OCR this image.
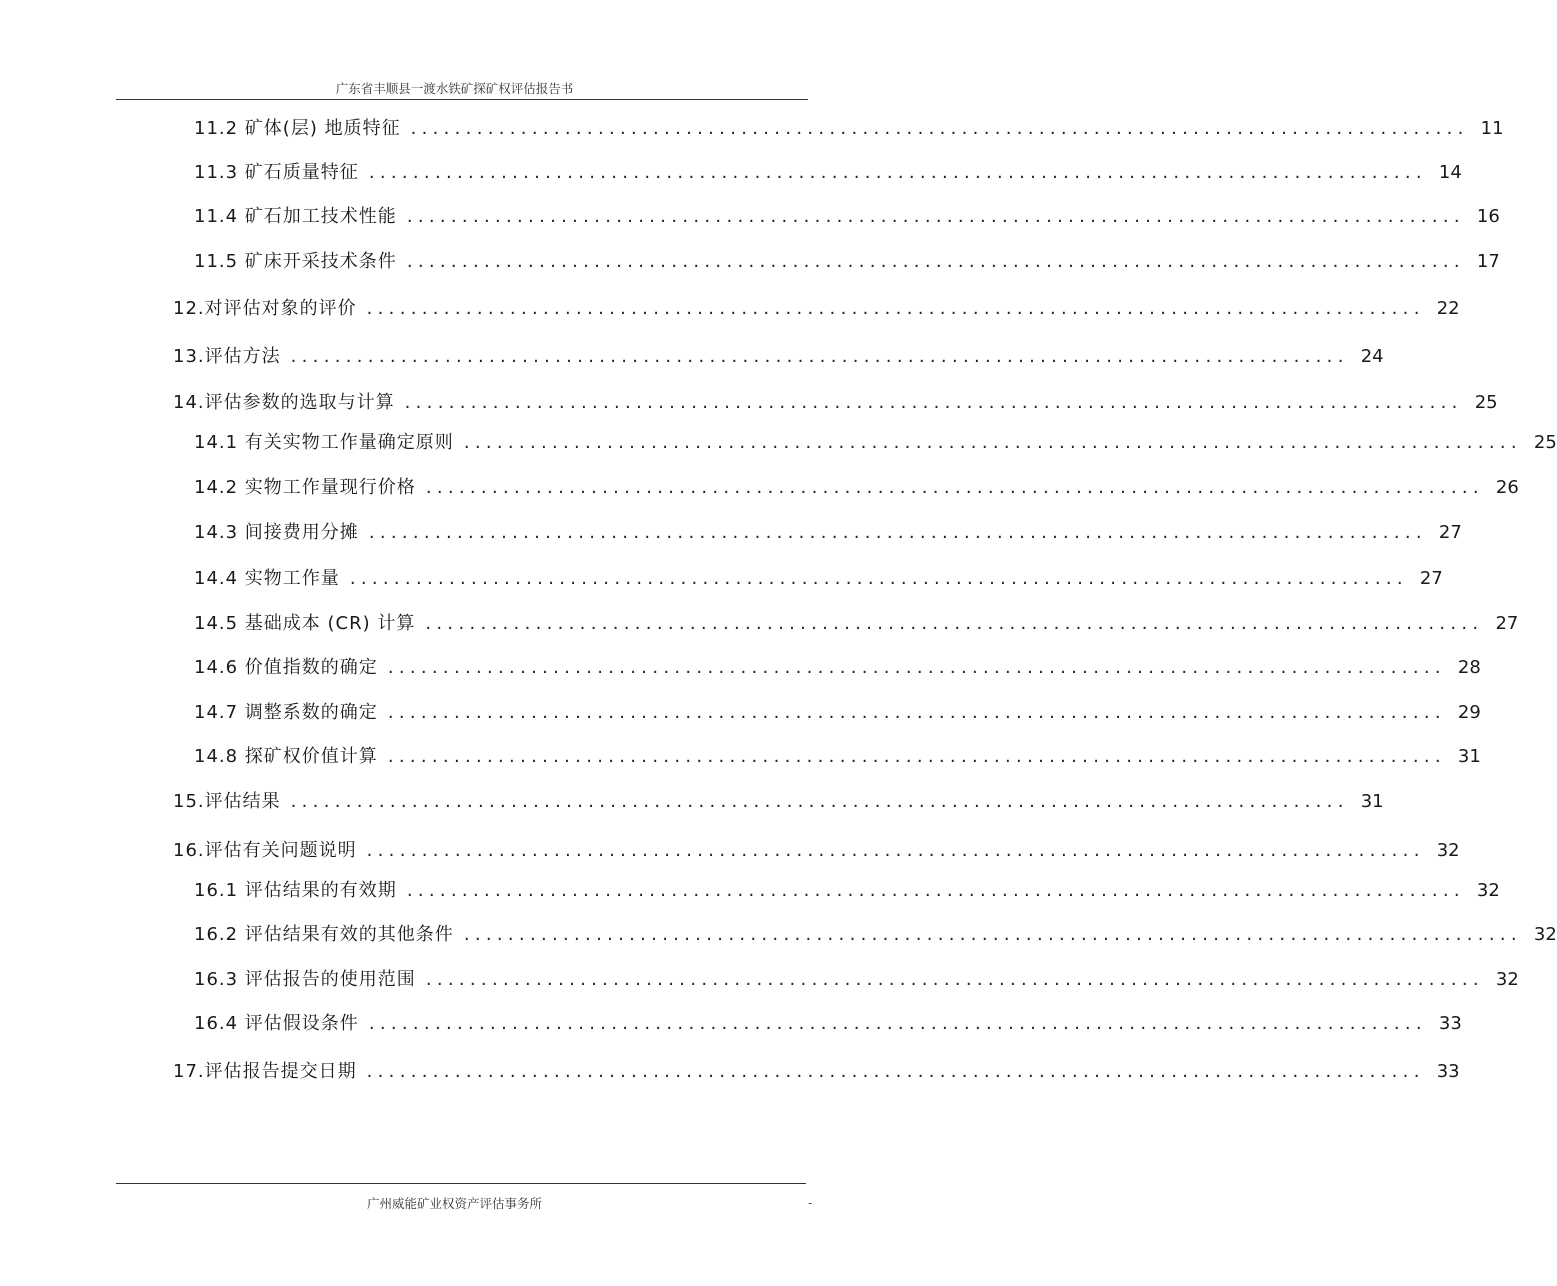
广东省丰顺县一渡水铁矿探矿权评估报告书
11.2 矿体(层) 地质特征 ................................................................................................ 11
11.3 矿石质量特征 ................................................................................................ 14
11.4 矿石加工技术性能 ................................................................................................ 16
11.5 矿床开采技术条件 ................................................................................................ 17
12.对评估对象的评价 ................................................................................................ 22
13.评估方法 ................................................................................................ 24
14.评估参数的选取与计算 ................................................................................................ 25
14.1 有关实物工作量确定原则 ................................................................................................ 25
14.2 实物工作量现行价格 ................................................................................................ 26
14.3 间接费用分摊 ................................................................................................ 27
14.4 实物工作量 ................................................................................................ 27
14.5 基础成本 (CR) 计算 ................................................................................................ 27
14.6 价值指数的确定 ................................................................................................ 28
14.7 调整系数的确定 ................................................................................................ 29
14.8 探矿权价值计算 ................................................................................................ 31
15.评估结果 ................................................................................................ 31
16.评估有关问题说明 ................................................................................................ 32
16.1 评估结果的有效期 ................................................................................................ 32
16.2 评估结果有效的其他条件 ................................................................................................ 32
16.3 评估报告的使用范围 ................................................................................................ 32
16.4 评估假设条件 ................................................................................................ 33
17.评估报告提交日期 ................................................................................................ 33
广州威能矿业权资产评估事务所	-
